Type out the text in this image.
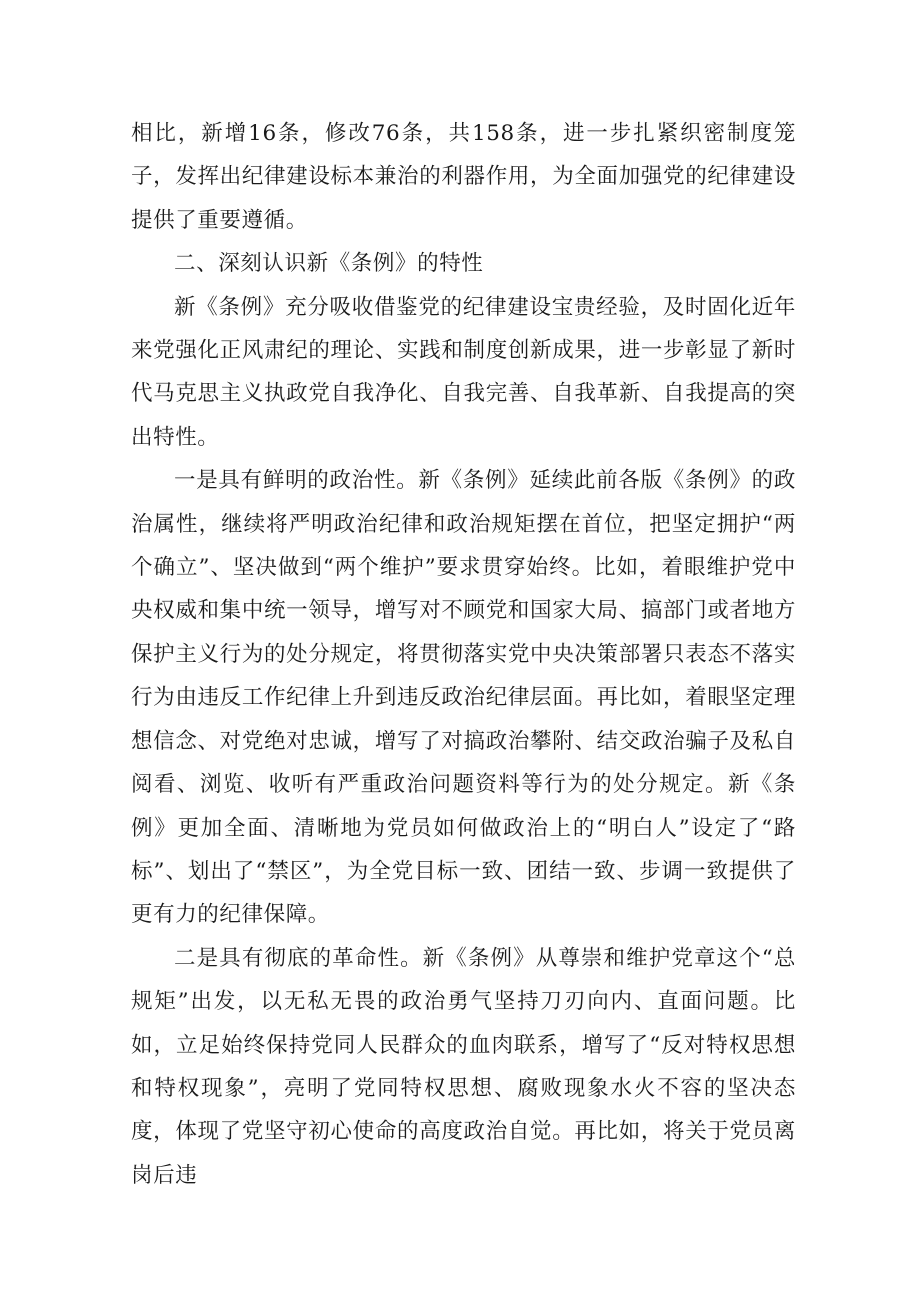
相比，新增16条，修改76条，共158条，进一步扎紧织密制度笼子，发挥出纪律建设标本兼治的利器作用，为全面加强党的纪律建设提供了重要遵循。

二、深刻认识新《条例》的特性

新《条例》充分吸收借鉴党的纪律建设宝贵经验，及时固化近年来党强化正风肃纪的理论、实践和制度创新成果，进一步彰显了新时代马克思主义执政党自我净化、自我完善、自我革新、自我提高的突出特性。

一是具有鲜明的政治性。新《条例》延续此前各版《条例》的政治属性，继续将严明政治纪律和政治规矩摆在首位，把坚定拥护“两个确立”、坚决做到“两个维护”要求贯穿始终。比如，着眼维护党中央权威和集中统一领导，增写对不顾党和国家大局、搞部门或者地方保护主义行为的处分规定，将贯彻落实党中央决策部署只表态不落实行为由违反工作纪律上升到违反政治纪律层面。再比如，着眼坚定理想信念、对党绝对忠诚，增写了对搞政治攀附、结交政治骗子及私自阅看、浏览、收听有严重政治问题资料等行为的处分规定。新《条例》更加全面、清晰地为党员如何做政治上的“明白人”设定了“路标”、划出了“禁区”，为全党目标一致、团结一致、步调一致提供了更有力的纪律保障。

二是具有彻底的革命性。新《条例》从尊崇和维护党章这个“总规矩”出发，以无私无畏的政治勇气坚持刀刃向内、直面问题。比如，立足始终保持党同人民群众的血肉联系，增写了“反对特权思想和特权现象”，亮明了党同特权思想、腐败现象水火不容的坚决态度，体现了党坚守初心使命的高度政治自觉。再比如，将关于党员离岗后违
